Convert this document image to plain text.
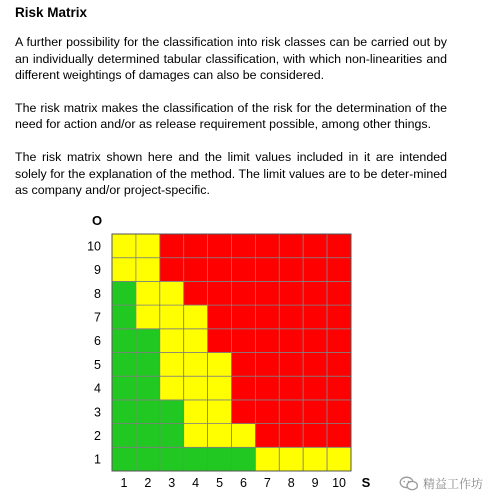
Risk Matrix

A further possibility for the classification into risk classes can be carried out by an individually determined tabular classification, with which non-linearities and different weightings of damages can also be considered.

The risk matrix makes the classification of the risk for the determination of the need for action and/or as release requirement possible, among other things.

The risk matrix shown here and the limit values included in it are intended solely for the explanation of the method. The limit values are to be deter-mined as company and/or project-specific.

1 2 3 4 5 6 7 8 9 10
1
2
3
4
5
6
7
8
9
10
O
S	精益工作坊
